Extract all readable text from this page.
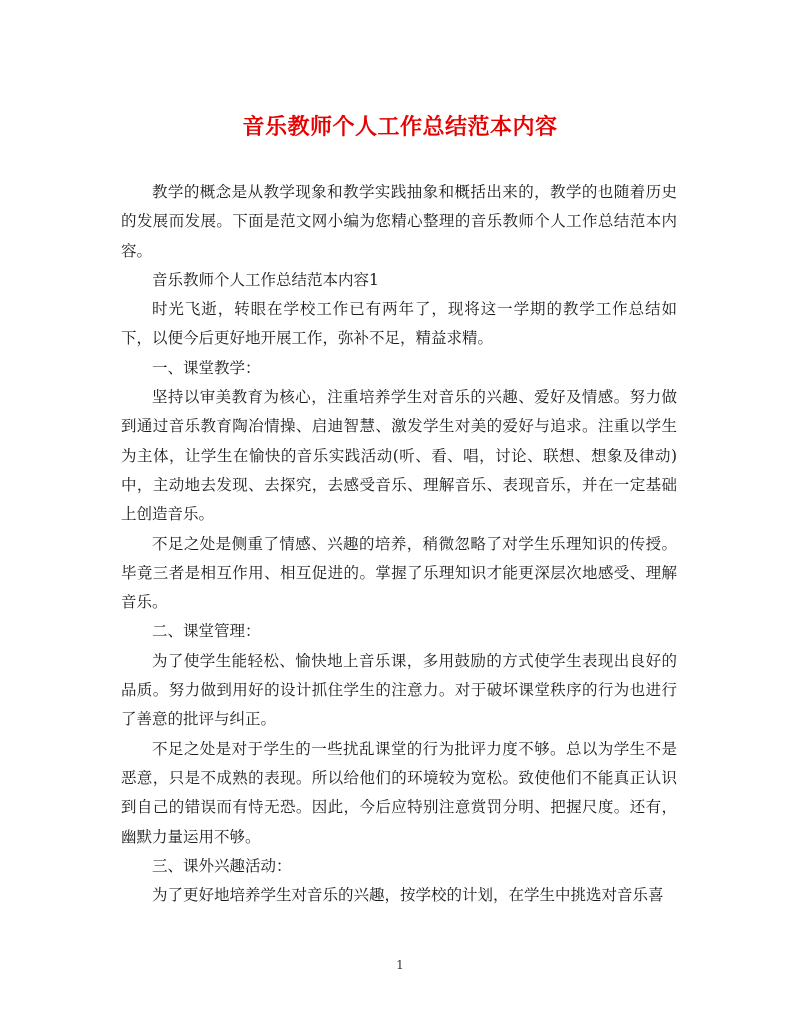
音乐教师个人工作总结范本内容

教学的概念是从教学现象和教学实践抽象和概括出来的，教学的也随着历史的发展而发展。下面是范文网小编为您精心整理的音乐教师个人工作总结范本内容。

音乐教师个人工作总结范本内容1

时光飞逝，转眼在学校工作已有两年了，现将这一学期的教学工作总结如下，以便今后更好地开展工作，弥补不足，精益求精。

一、课堂教学：

坚持以审美教育为核心，注重培养学生对音乐的兴趣、爱好及情感。努力做到通过音乐教育陶冶情操、启迪智慧、激发学生对美的爱好与追求。注重以学生为主体，让学生在愉快的音乐实践活动(听、看、唱，讨论、联想、想象及律动)中，主动地去发现、去探究，去感受音乐、理解音乐、表现音乐，并在一定基础上创造音乐。

不足之处是侧重了情感、兴趣的培养，稍微忽略了对学生乐理知识的传授。毕竟三者是相互作用、相互促进的。掌握了乐理知识才能更深层次地感受、理解音乐。

二、课堂管理：

为了使学生能轻松、愉快地上音乐课，多用鼓励的方式使学生表现出良好的品质。努力做到用好的设计抓住学生的注意力。对于破坏课堂秩序的行为也进行了善意的批评与纠正。

不足之处是对于学生的一些扰乱课堂的行为批评力度不够。总以为学生不是恶意，只是不成熟的表现。所以给他们的环境较为宽松。致使他们不能真正认识到自己的错误而有恃无恐。因此，今后应特别注意赏罚分明、把握尺度。还有，幽默力量运用不够。

三、课外兴趣活动：

为了更好地培养学生对音乐的兴趣，按学校的计划，在学生中挑选对音乐喜

1
